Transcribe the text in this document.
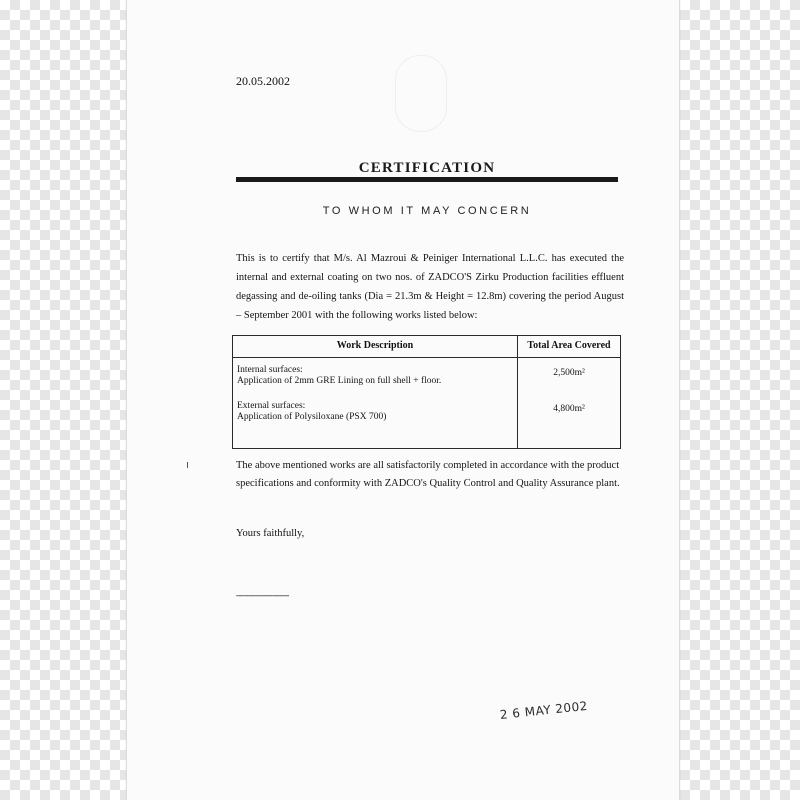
20.05.2002
CERTIFICATION
TO WHOM IT MAY CONCERN
This is to certify that M/s. Al Mazroui & Peiniger International L.L.C. has executed the internal and external coating on two nos. of ZADCO'S Zirku Production facilities effluent degassing and de-oiling tanks (Dia = 21.3m & Height = 12.8m) covering the period August – September 2001 with the following works listed below:
Work Description	Total Area Covered
Internal surfaces:
Application of 2mm GRE Lining on full shell + floor.
2,500m²
External surfaces:
Application of Polysiloxane (PSX 700)
4,800m²
The above mentioned works are all satisfactorily completed in accordance with the product specifications and conformity with ZADCO's Quality Control and Quality Assurance plant.
Yours faithfully,
----------------------
2 6 MAY 2002
